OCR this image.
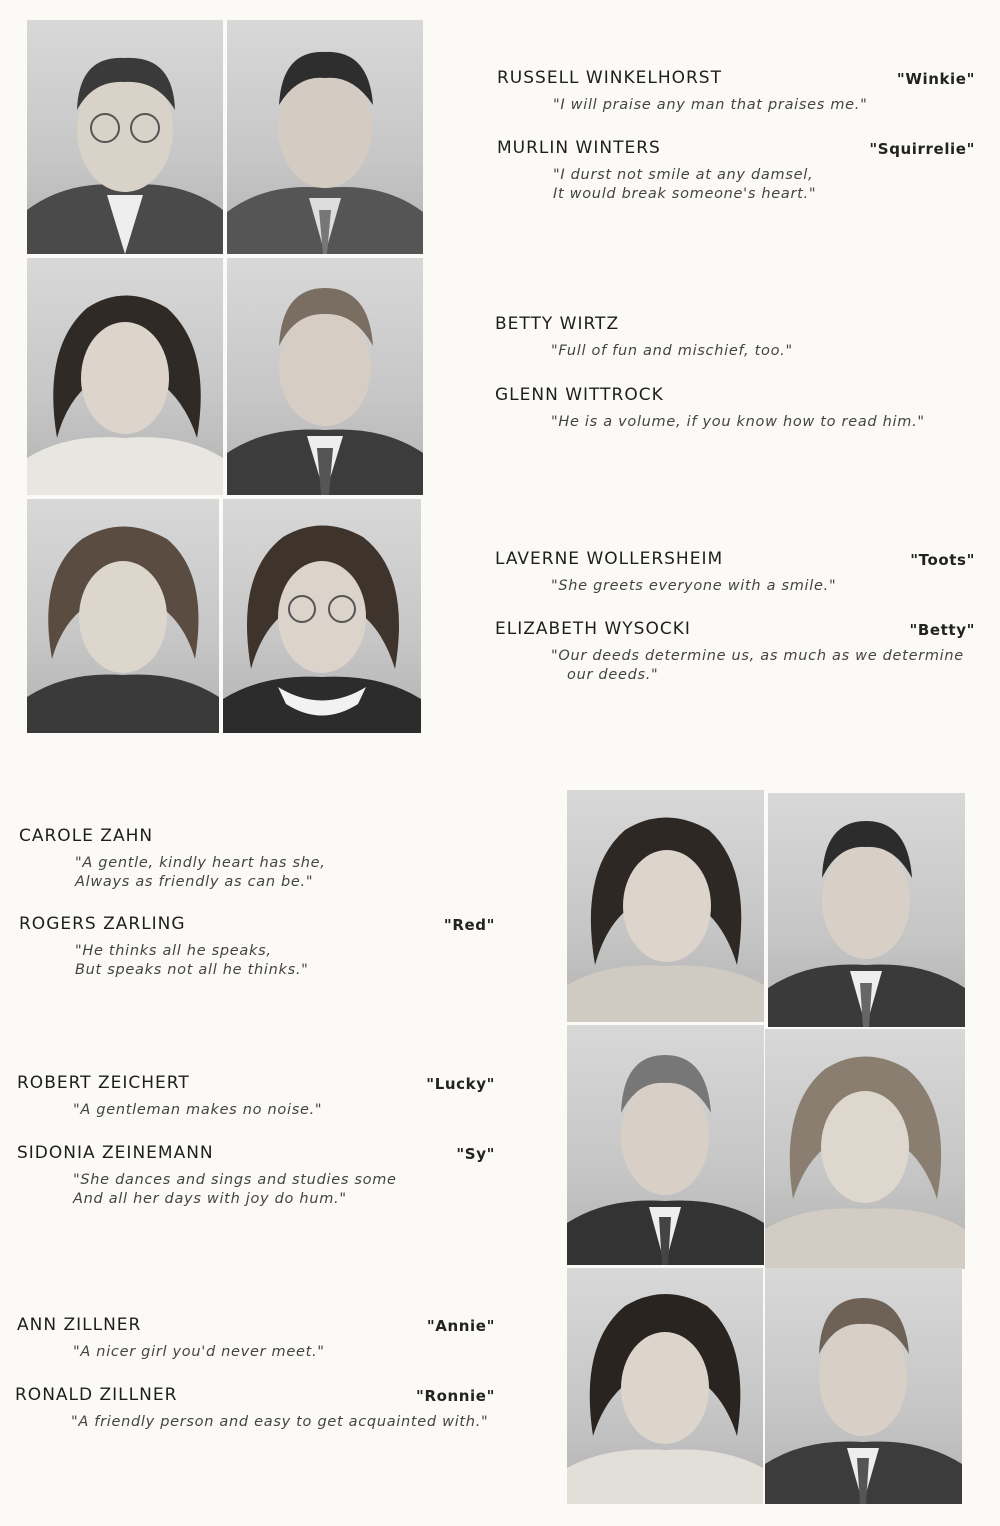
RUSSELL WINKELHORST	"Winkie"
"I will praise any man that praises me."
MURLIN WINTERS	"Squirrelie"
"I durst not smile at any damsel,
It would break someone's heart."
BETTY WIRTZ
"Full of fun and mischief, too."
GLENN WITTROCK
"He is a volume, if you know how to read him."
LAVERNE WOLLERSHEIM	"Toots"
"She greets everyone with a smile."
ELIZABETH WYSOCKI	"Betty"
"Our deeds determine us, as much as we determine
our deeds."
CAROLE ZAHN
"A gentle, kindly heart has she,
Always as friendly as can be."
ROGERS ZARLING	"Red"
"He thinks all he speaks,
But speaks not all he thinks."
ROBERT ZEICHERT	"Lucky"
"A gentleman makes no noise."
SIDONIA ZEINEMANN	"Sy"
"She dances and sings and studies some
And all her days with joy do hum."
ANN ZILLNER	"Annie"
"A nicer girl you'd never meet."
RONALD ZILLNER	"Ronnie"
"A friendly person and easy to get acquainted with."
